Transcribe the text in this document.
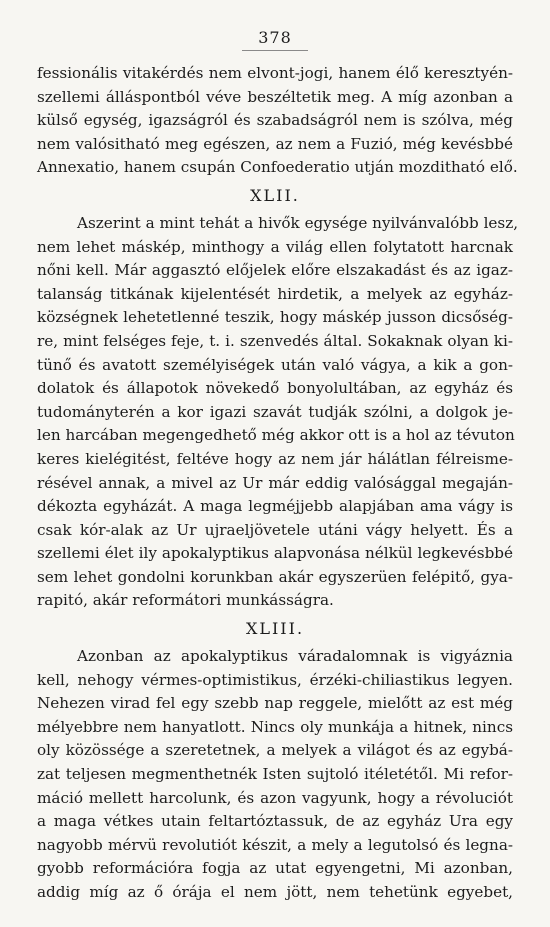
378
fessionális vitakérdés nem elvont-jogi, hanem élő keresztyén-
szellemi álláspontból véve beszéltetik meg. A míg azonban a
külső egység, igazságról és szabadságról nem is szólva, még
nem valósitható meg egészen, az nem a Fuzió, még kevésbbé
Annexatio, hanem csupán Confoederatio utján mozditható elő.
XLII.
Aszerint a mint tehát a hivők egysége nyilvánvalóbb lesz,
nem lehet máskép, minthogy a világ ellen folytatott harcnak
nőni kell. Már aggasztó előjelek előre elszakadást és az igaz-
talanság titkának kijelentését hirdetik, a melyek az egyház-
községnek lehetetlenné teszik, hogy máskép jusson dicsőség-
re, mint felséges feje, t. i. szenvedés által. Sokaknak olyan ki-
tünő és avatott személyiségek után való vágya, a kik a gon-
dolatok és állapotok növekedő bonyolultában, az egyház és
tudományterén a kor igazi szavát tudják szólni, a dolgok je-
len harcában megengedhető még akkor ott is a hol az tévuton
keres kielégitést, feltéve hogy az nem jár hálátlan félreisme-
résével annak, a mivel az Ur már eddig valósággal megaján-
dékozta egyházát. A maga legméjjebb alapjában ama vágy is
csak kór-alak az Ur ujraeljövetele utáni vágy helyett. És a
szellemi élet ily apokalyptikus alapvonása nélkül legkevésbbé
sem lehet gondolni korunkban akár egyszerüen felépitő, gya-
rapitó, akár reformátori munkásságra.
XLIII.
Azonban az apokalyptikus váradalomnak is vigyáznia
kell, nehogy vérmes-optimistikus, érzéki-chiliastikus legyen.
Nehezen virad fel egy szebb nap reggele, mielőtt az est még
mélyebbre nem hanyatlott. Nincs oly munkája a hitnek, nincs
oly közössége a szeretetnek, a melyek a világot és az egybá-
zat teljesen megmenthetnék Isten sujtoló itéletétől. Mi refor-
máció mellett harcolunk, és azon vagyunk, hogy a révoluciót
a maga vétkes utain feltartóztassuk, de az egyház Ura egy
nagyobb mérvü revolutiót készit, a mely a legutolsó és legna-
gyobb reformációra fogja az utat egyengetni, Mi azonban,
addig míg az ő órája el nem jött, nem tehetünk egyebet,
